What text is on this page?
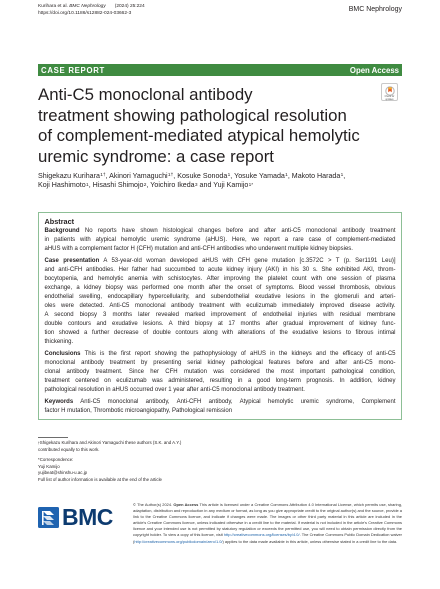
Kurihara et al. BMC Nephrology (2024) 25:224
https://doi.org/10.1186/s12882-024-03662-3
BMC Nephrology
CASE REPORT	Open Access
Anti-C5 monoclonal antibody
treatment showing pathological resolution
of complement-mediated atypical hemolytic
uremic syndrome: a case report
Check for
updates
Shigekazu Kurihara$^{1\dagger}$, Akinori Yamaguchi$^{1\dagger}$, Kosuke Sonoda$^1$, Yosuke Yamada$^1$, Makoto Harada$^1$,
Koji Hashimoto$^1$, Hisashi Shimojo$^2$, Yoichiro Ikeda$^3$ and Yuji Kamijo$^{1*}$
Abstract
Background No reports have shown histological changes before and after anti-C5 monoclonal antibody treatment
in patients with atypical hemolytic uremic syndrome (aHUS). Here, we report a rare case of complement-mediated
aHUS with a complement factor H (CFH) mutation and anti-CFH antibodies who underwent multiple kidney biopsies.
Case presentation A 53-year-old woman developed aHUS with CFH gene mutation [c.3572C > T (p. Ser1191 Leu)]
and anti-CFH antibodies. Her father had succumbed to acute kidney injury (AKI) in his 30 s. She exhibited AKI, throm-
bocytopenia, and hemolytic anemia with schistocytes. After improving the platelet count with one session of plasma
exchange, a kidney biopsy was performed one month after the onset of symptoms. Blood vessel thrombosis, obvious
endothelial swelling, endocapillary hypercellularity, and subendothelial exudative lesions in the glomeruli and arteri-
oles were detected. Anti-C5 monoclonal antibody treatment with eculizumab immediately improved disease activity.
A second biopsy 3 months later revealed marked improvement of endothelial injuries with residual membrane
double contours and exudative lesions. A third biopsy at 17 months after gradual improvement of kidney func-
tion showed a further decrease of double contours along with alterations of the exudative lesions to fibrous intimal
thickening.
Conclusions This is the first report showing the pathophysiology of aHUS in the kidneys and the efficacy of anti-C5
monoclonal antibody treatment by presenting serial kidney pathological features before and after anti-C5 mono-
clonal antibody treatment. Since her CFH mutation was considered the most important pathological condition,
treatment centered on eculizumab was administered, resulting in a good long-term prognosis. In addition, kidney
pathological resolution in aHUS occurred over 1 year after anti-C5 monoclonal antibody treatment.
Keywords Anti-C5 monoclonal antibody, Anti-CFH antibody, Atypical hemolytic uremic syndrome, Complement
factor H mutation, Thrombotic microangiopathy, Pathological remission
†Shigekazu Kurihara and Akinori Yamaguchi these authors (S.K. and A.Y.)
contributed equally to this work.
*Correspondence:
Yuji Kamijo
yujibeat@shinshu-u.ac.jp
Full list of author information is available at the end of the article
BMC	© The Author(s) 2024. Open Access This article is licensed under a Creative Commons Attribution 4.0 International License, which permits use, sharing, adaptation, distribution and reproduction in any medium or format, as long as you give appropriate credit to the original author(s) and the source, provide a link to the Creative Commons licence, and indicate if changes were made. The images or other third party material in this article are included in the article's Creative Commons licence, unless indicated otherwise in a credit line to the material. If material is not included in the article's Creative Commons licence and your intended use is not permitted by statutory regulation or exceeds the permitted use, you will need to obtain permission directly from the copyright holder. To view a copy of this licence, visit http://creativecommons.org/licenses/by/4.0/. The Creative Commons Public Domain Dedication waiver (http://creativecommons.org/publicdomain/zero/1.0/) applies to the data made available in this article, unless otherwise stated in a credit line to the data.
